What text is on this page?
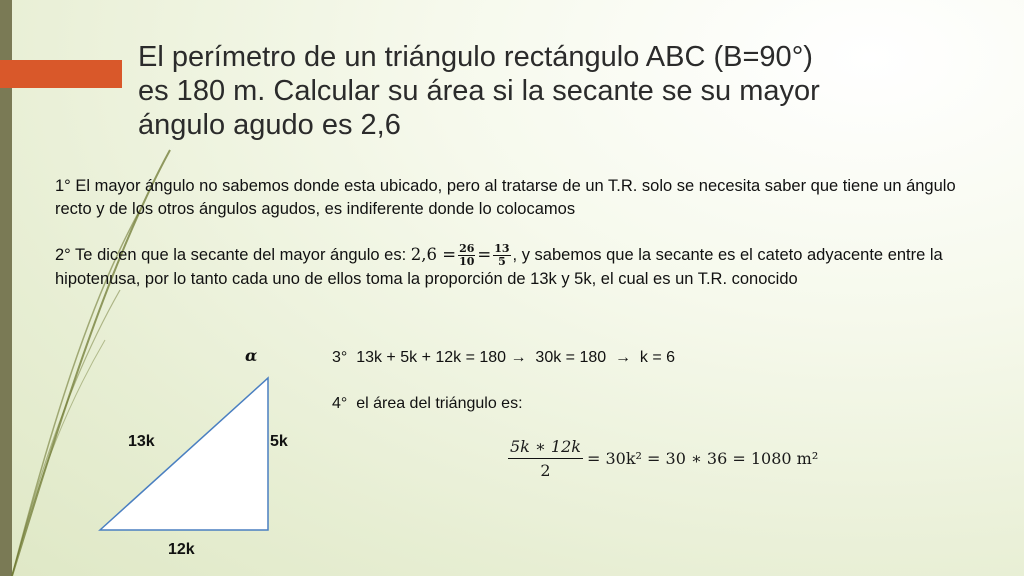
El perímetro de un triángulo rectángulo ABC (B=90°)
es 180 m. Calcular su área si la secante se su mayor
ángulo agudo es 2,6
1° El mayor ángulo no sabemos donde esta ubicado, pero al tratarse de un T.R. solo se necesita saber que tiene un ángulo recto y de los otros ángulos agudos, es indiferente donde lo colocamos
2° Te dicen que la secante del mayor ángulo es: $2,6 = \frac{26}{10} = \frac{13}{5}$ , y sabemos que la secante es el cateto adyacente entre la hipotenusa, por lo tanto cada uno de ellos toma la proporción de 13k y 5k, el cual es un T.R. conocido
α
13k	5k
12k
3°  13k + 5k + 12k = 180 →  30k = 180  →  k = 6
4°  el área del triángulo es:
$\frac{5k ∗ 12k}{2} = 30k^2 = 30$ ∗ 36 = 1080 m²
